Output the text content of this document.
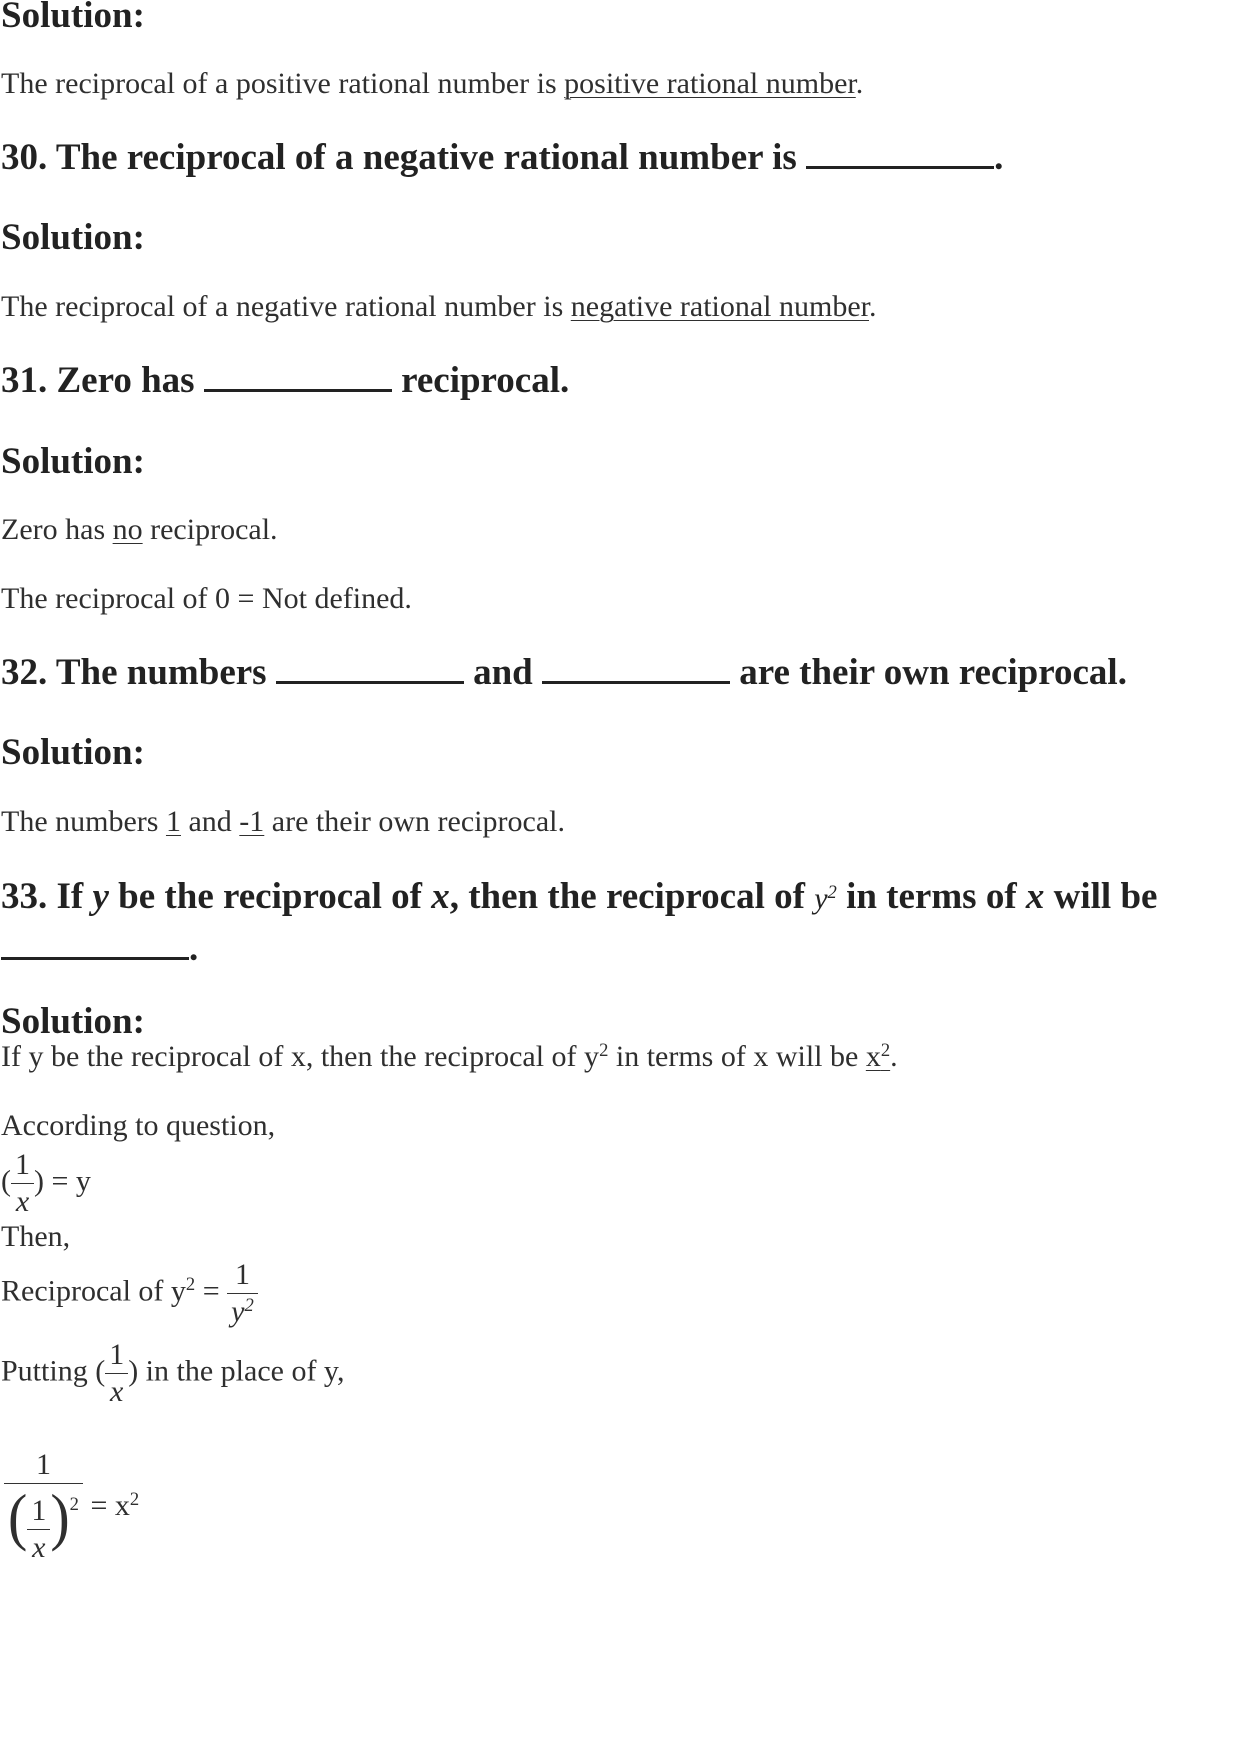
Solution:
The reciprocal of a positive rational number is positive rational number.
30. The reciprocal of a negative rational number is	.
Solution:
The reciprocal of a negative rational number is negative rational number.
31. Zero has	reciprocal.
Solution:
Zero has no reciprocal.
The reciprocal of 0 = Not defined.
32. The numbers	and	are their own reciprocal.
Solution:
The numbers 1 and -1 are their own reciprocal.
33. If y be the reciprocal of x, then the reciprocal of $y^2$ in terms of x will be
.
Solution:
If y be the reciprocal of x, then the reciprocal of $y^2$ in terms of x will be $x^2$.
According to question,
( $\frac{1}{x}$ ) = y
Then,
Reciprocal of $y^2 = \frac{1}{y^2}$
Putting ( $\frac{1}{x}$ ) in the place of y,
$\frac{1}{( \frac{1}{x} )^2} = x^2$
